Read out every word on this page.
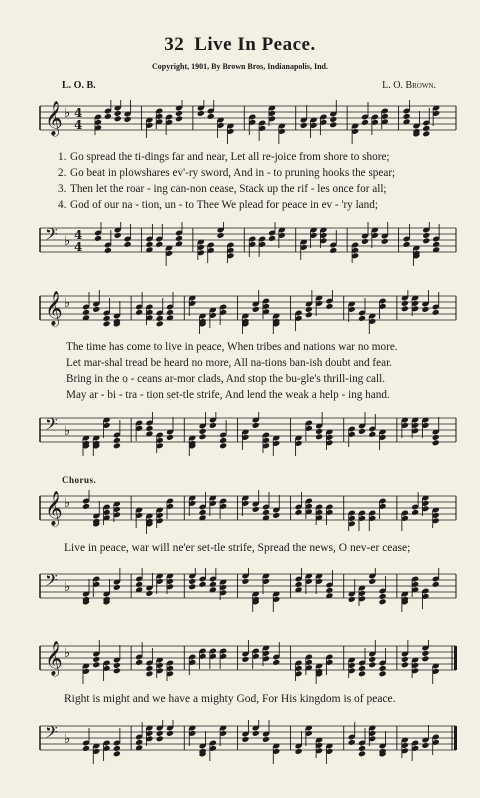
32 Live In Peace.
Copyright, 1901, By Brown Bros, Indianapolis, Ind.
L. O. B.	L. O. Brown.
𝄞 ♭ 4
4
1. Go spread the ti-dings far and near, Let all re-joice from shore to shore;
2. Go beat in plowshares ev'-ry sword, And in - to pruning hooks the spear;
3. Then let the roar - ing can-non cease, Stack up the rif - les once for all;
4. God of our na - tion, un - to Thee We plead for peace in ev - 'ry land;
𝄢 ♭ 4
4
𝄞 ♭
The time has come to live in peace, When tribes and nations war no more.
Let mar-shal tread be heard no more, All na-tions ban-ish doubt and fear.
Bring in the o - ceans ar-mor clads, And stop the bu-gle's thrill-ing call.
May ar - bi - tra - tion set-tle strife, And lend the weak a help - ing hand.
𝄢 ♭
Chorus.
𝄞 ♭
Live in peace, war will ne'er set-tle strife, Spread the news, O nev-er cease;
𝄢 ♭
𝄞 ♭
Right is might and we have a mighty God, For His kingdom is of peace.
𝄢 ♭
